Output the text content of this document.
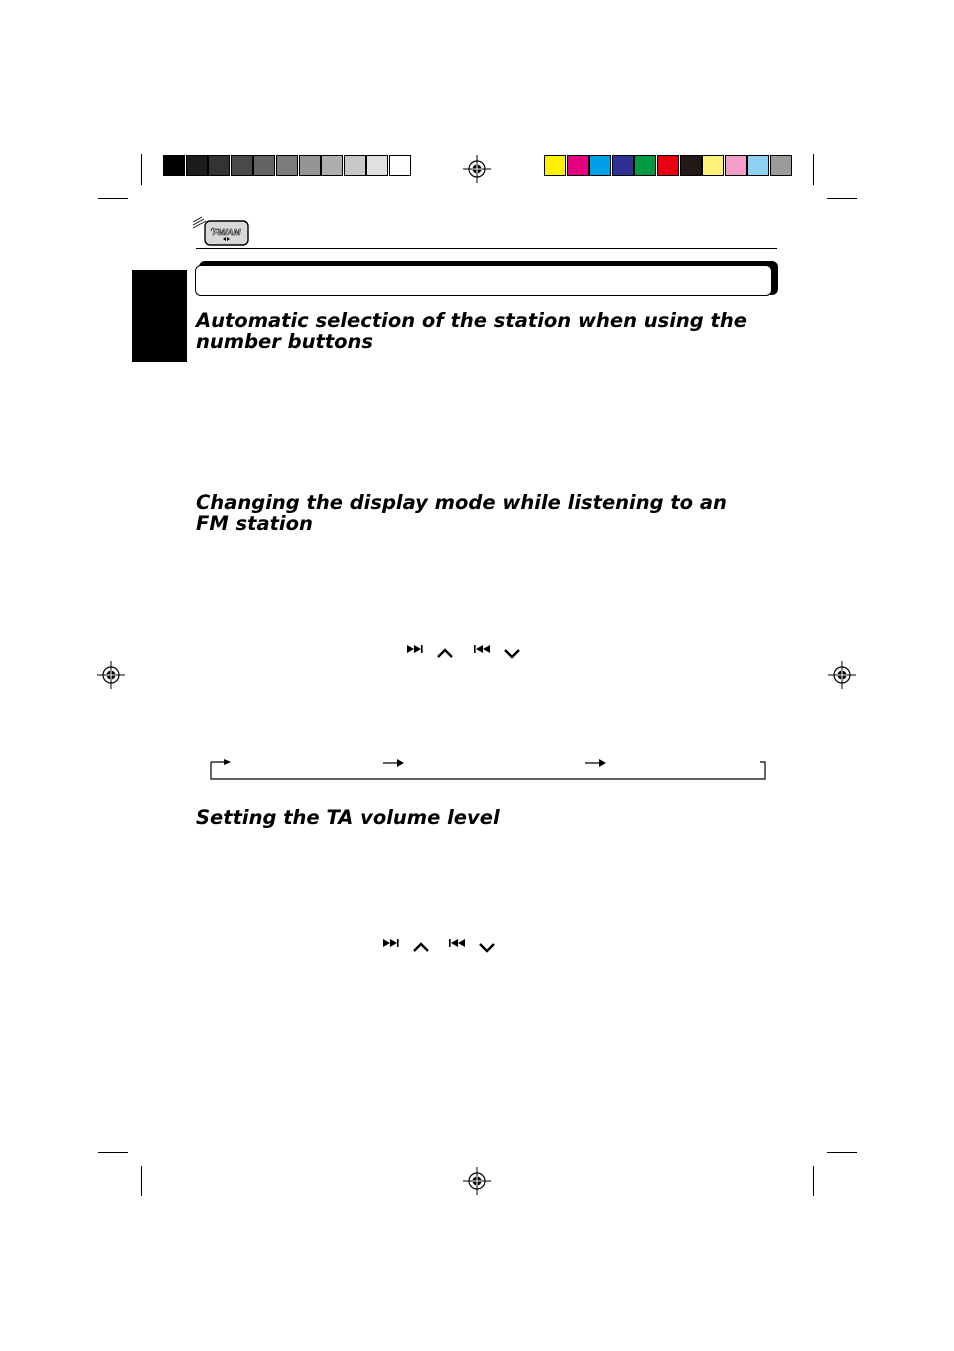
FM/AM
Automatic selection of the station when using the number buttons
Changing the display mode while listening to an FM station
Setting the TA volume level
